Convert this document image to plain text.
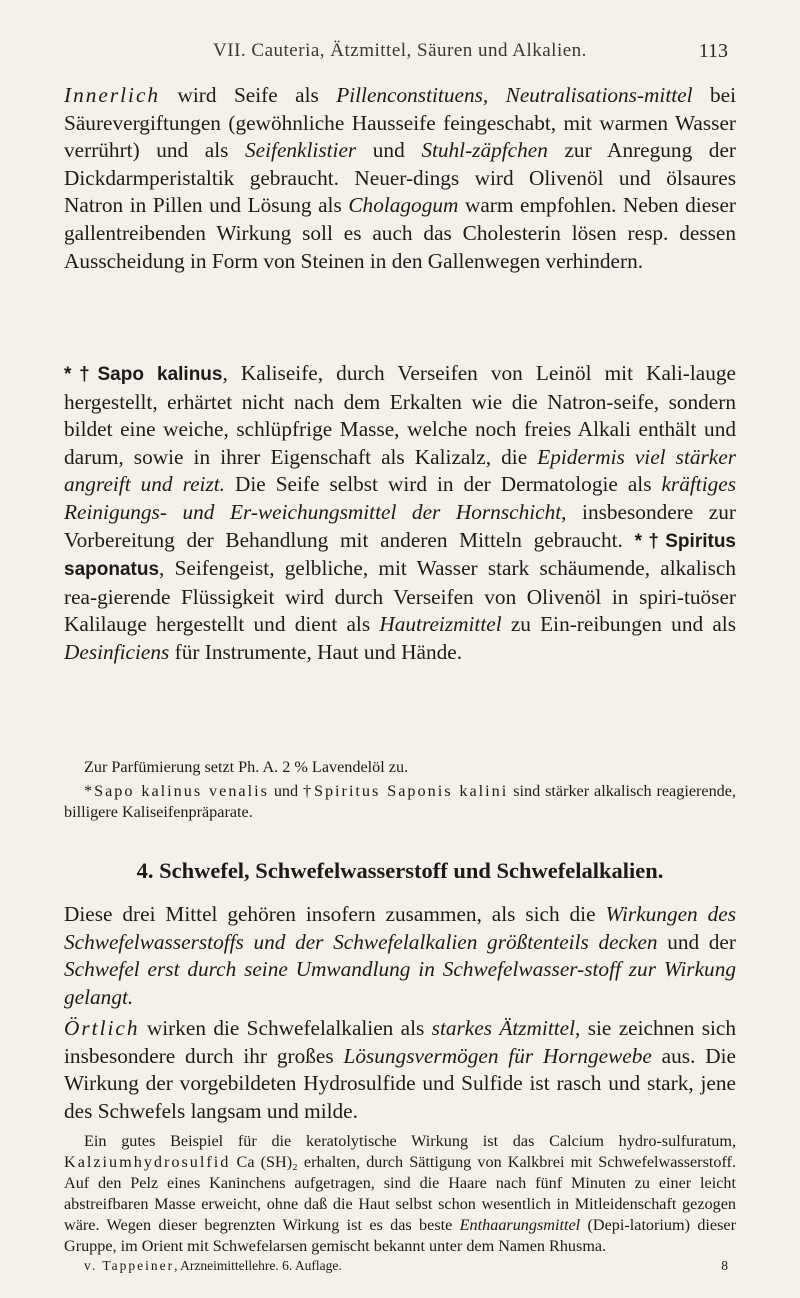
VII. Cauteria, Ätzmittel, Säuren und Alkalien.	113

Innerlich wird Seife als Pillenconstituens, Neutralisations-mittel bei Säurevergiftungen (gewöhnliche Hausseife feingeschabt, mit warmen Wasser verrührt) und als Seifenklistier und Stuhl-zäpfchen zur Anregung der Dickdarmperistaltik gebraucht. Neuer-dings wird Olivenöl und ölsaures Natron in Pillen und Lösung als Cholagogum warm empfohlen. Neben dieser gallentreibenden Wirkung soll es auch das Cholesterin lösen resp. dessen Ausscheidung in Form von Steinen in den Gallenwegen verhindern.

*†Sapo kalinus, Kaliseife, durch Verseifen von Leinöl mit Kali-lauge hergestellt, erhärtet nicht nach dem Erkalten wie die Natron-seife, sondern bildet eine weiche, schlüpfrige Masse, welche noch freies Alkali enthält und darum, sowie in ihrer Eigenschaft als Kalizalz, die Epidermis viel stärker angreift und reizt. Die Seife selbst wird in der Dermatologie als kräftiges Reinigungs- und Er-weichungsmittel der Hornschicht, insbesondere zur Vorbereitung der Behandlung mit anderen Mitteln gebraucht. *†Spiritus saponatus, Seifengeist, gelbliche, mit Wasser stark schäumende, alkalisch rea-gierende Flüssigkeit wird durch Verseifen von Olivenöl in spiri-tuöser Kalilauge hergestellt und dient als Hautreizmittel zu Ein-reibungen und als Desinficiens für Instrumente, Haut und Hände.

Zur Parfümierung setzt Ph. A. 2 % Lavendelöl zu.

*Sapo kalinus venalis und †Spiritus Saponis kalini sind stärker alkalisch reagierende, billigere Kaliseifenpräparate.

4. Schwefel, Schwefelwasserstoff und Schwefelalkalien.

Diese drei Mittel gehören insofern zusammen, als sich die Wirkungen des Schwefelwasserstoffs und der Schwefelalkalien größtenteils decken und der Schwefel erst durch seine Umwandlung in Schwefelwasser-stoff zur Wirkung gelangt.

Örtlich wirken die Schwefelalkalien als starkes Ätzmittel, sie zeichnen sich insbesondere durch ihr großes Lösungsvermögen für Horngewebe aus. Die Wirkung der vorgebildeten Hydrosulfide und Sulfide ist rasch und stark, jene des Schwefels langsam und milde.

Ein gutes Beispiel für die keratolytische Wirkung ist das Calcium hydro-sulfuratum, Kalziumhydrosulfid Ca (SH)₂ erhalten, durch Sättigung von Kalkbrei mit Schwefelwasserstoff. Auf den Pelz eines Kaninchens aufgetragen, sind die Haare nach fünf Minuten zu einer leicht abstreifbaren Masse erweicht, ohne daß die Haut selbst schon wesentlich in Mitleidenschaft gezogen wäre. Wegen dieser begrenzten Wirkung ist es das beste Enthaarungsmittel (Depi-latorium) dieser Gruppe, im Orient mit Schwefelarsen gemischt bekannt unter dem Namen Rhusma.

v. Tappeiner, Arzneimittellehre. 6. Auflage.	8
